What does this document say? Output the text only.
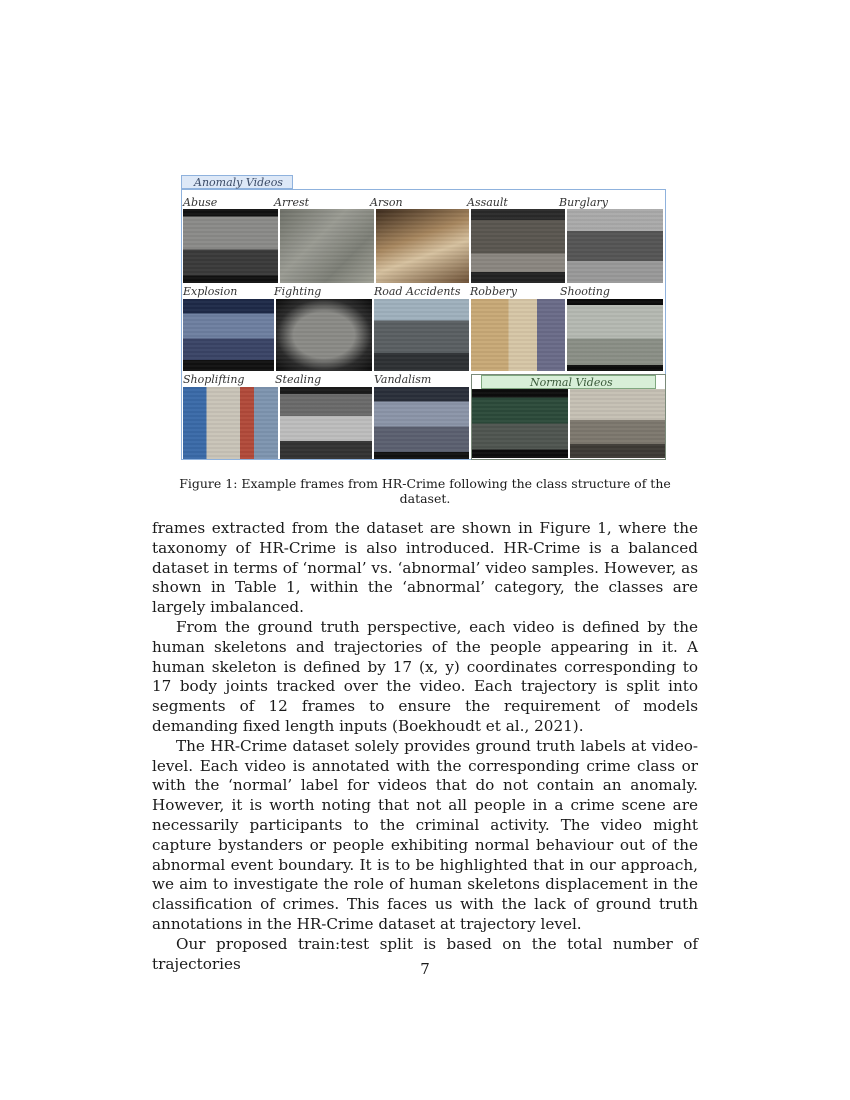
Anomaly Videos
Normal Videos
Abuse	Arrest	Arson	Assault	Burglary
Explosion	Fighting	Road Accidents Robbery	Shooting
Shoplifting	Stealing	Vandalism
Figure 1: Example frames from HR-Crime following the class structure of the dataset.

frames extracted from the dataset are shown in Figure 1, where the taxonomy of HR-Crime is also introduced. HR-Crime is a balanced dataset in terms of ‘normal’ vs. ‘abnormal’ video samples. However, as shown in Table 1, within the ‘abnormal’ category, the classes are largely imbalanced.

From the ground truth perspective, each video is defined by the human skeletons and trajectories of the people appearing in it. A human skeleton is defined by 17 (x, y) coordinates corresponding to 17 body joints tracked over the video. Each trajectory is split into segments of 12 frames to ensure the requirement of models demanding fixed length inputs (Boekhoudt et al., 2021).

The HR-Crime dataset solely provides ground truth labels at video-level. Each video is annotated with the corresponding crime class or with the ‘normal’ label for videos that do not contain an anomaly. However, it is worth noting that not all people in a crime scene are necessarily participants to the criminal activity. The video might capture bystanders or people exhibiting normal behaviour out of the abnormal event boundary. It is to be highlighted that in our approach, we aim to investigate the role of human skeletons displacement in the classification of crimes. This faces us with the lack of ground truth annotations in the HR-Crime dataset at trajectory level.

Our proposed train:test split is based on the total number of trajectories	7
